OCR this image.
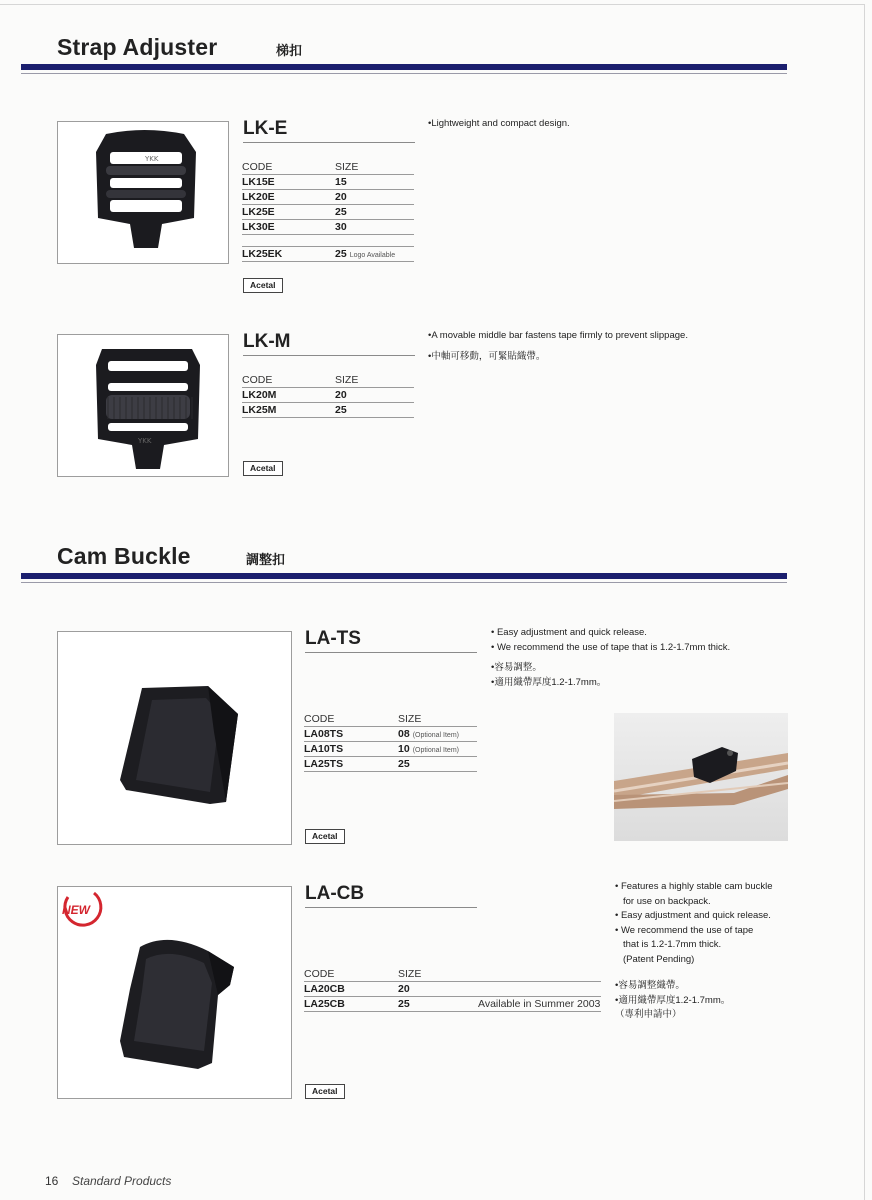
Strap Adjuster	梯扣
YKK
LK-E
CODE	SIZE
LK15E	15
LK20E	20
LK25E	25
LK30E	30
LK25EK	25 Logo Available
Acetal
•Lightweight and compact design.
YKK
LK-M
CODE	SIZE
LK20M	20
LK25M	25
Acetal
•A movable middle bar fastens tape firmly to prevent slippage.
•中軸可移動，可緊貼織帶。
Cam Buckle	調整扣
LA-TS
CODE	SIZE
LA08TS	08 (Optional Item)
LA10TS	10 (Optional Item)
LA25TS	25
Acetal
• Easy adjustment and quick release.
• We recommend the use of tape that is 1.2-1.7mm thick.
•容易調整。
•適用織帶厚度1.2-1.7mm。
NEW
LA-CB
CODE	SIZE
LA20CB	20
LA25CB	25	Available in Summer 2003
Acetal
• Features a highly stable cam buckle
for use on backpack.
• Easy adjustment and quick release.
• We recommend the use of tape
that is 1.2-1.7mm thick.
(Patent Pending)
•容易調整織帶。
•適用織帶厚度1.2-1.7mm。
（專利申請中）
16 Standard Products
